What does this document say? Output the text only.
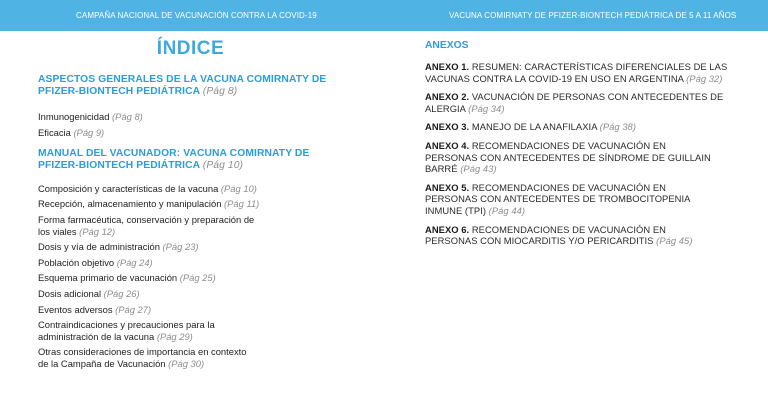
CAMPAÑA NACIONAL DE VACUNACIÓN CONTRA LA COVID-19	VACUNA COMIRNATY DE PFIZER-BIONTECH PEDIÁTRICA DE 5 A 11 AÑOS
ÍNDICE
ASPECTOS GENERALES DE LA VACUNA COMIRNATY DE
PFIZER-BIONTECH PEDIÁTRICA (Pág 8)
Inmunogenicidad (Pág 8)
Eficacia (Pág 9)
MANUAL DEL VACUNADOR: VACUNA COMIRNATY DE
PFIZER-BIONTECH PEDIÁTRICA (Pág 10)
Composición y características de la vacuna (Pág 10)
Recepción, almacenamiento y manipulación (Pág 11)
Forma farmacéutica, conservación y preparación de
los viales (Pág 12)
Dosis y vía de administración (Pág 23)
Población objetivo (Pág 24)
Esquema primario de vacunación (Pág 25)
Dosis adicional (Pág 26)
Eventos adversos (Pág 27)
Contraindicaciones y precauciones para la
administración de la vacuna (Pág 29)
Otras consideraciones de importancia en contexto
de la Campaña de Vacunación (Pág 30)
ANEXOS
ANEXO 1. RESUMEN: CARACTERÍSTICAS DIFERENCIALES DE LAS
VACUNAS CONTRA LA COVID-19 EN USO EN ARGENTINA (Pág 32)
ANEXO 2. VACUNACIÓN DE PERSONAS CON ANTECEDENTES DE
ALERGIA (Pág 34)
ANEXO 3. MANEJO DE LA ANAFILAXIA (Pág 38)
ANEXO 4. RECOMENDACIONES DE VACUNACIÓN EN
PERSONAS CON ANTECEDENTES DE SÍNDROME DE GUILLAIN
BARRÉ (Pág 43)
ANEXO 5. RECOMENDACIONES DE VACUNACIÓN EN
PERSONAS CON ANTECEDENTES DE TROMBOCITOPENIA
INMUNE (TPI) (Pág 44)
ANEXO 6. RECOMENDACIONES DE VACUNACIÓN EN
PERSONAS CON MIOCARDITIS Y/O PERICARDITIS (Pág 45)
